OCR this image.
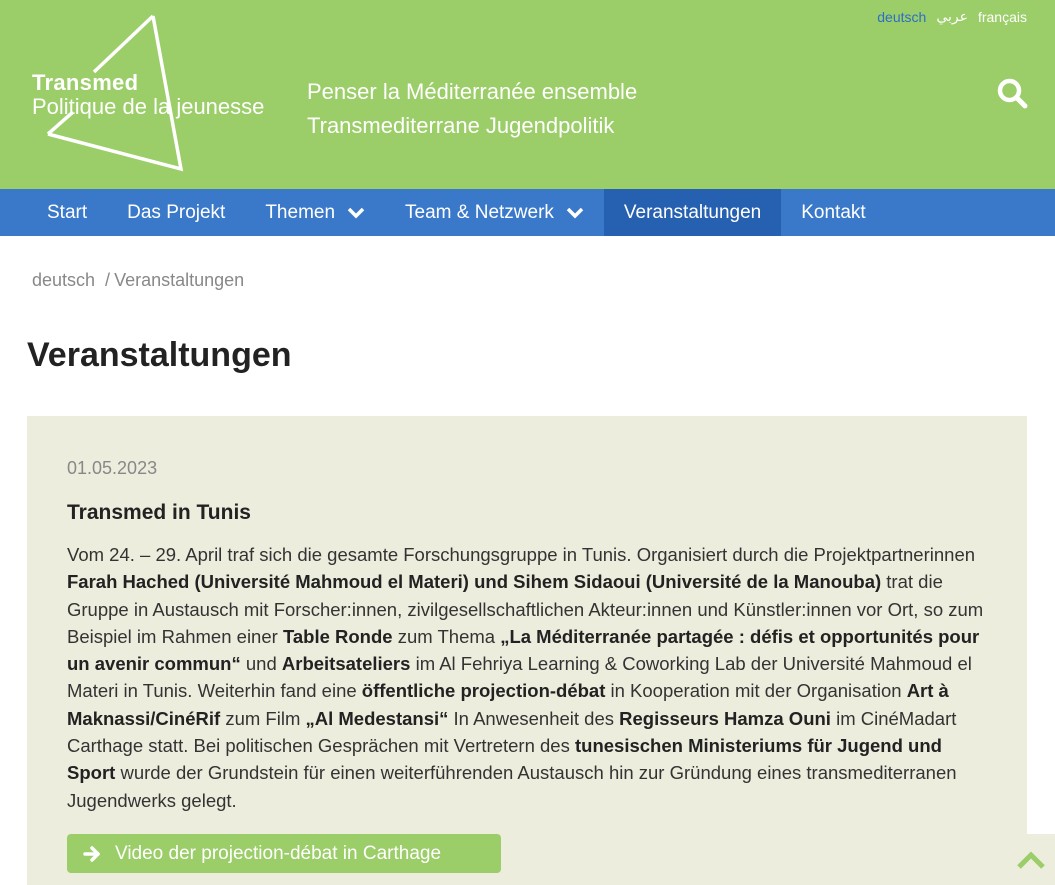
Transmed
Politique de la jeunesse
Penser la Méditerranée ensemble
Transmediterrane Jugendpolitik
deutsch عربي français
Start Das Projekt Themen	Team & Netzwerk	Veranstaltungen Kontakt
deutsch / Veranstaltungen
Veranstaltungen
01.05.2023
Transmed in Tunis

Vom 24. – 29. April traf sich die gesamte Forschungsgruppe in Tunis. Organisiert durch die Projektpartnerinnen Farah Hached (Université Mahmoud el Materi) und Sihem Sidaoui (Université de la Manouba) trat die Gruppe in Austausch mit Forscher:innen, zivilgesellschaftlichen Akteur:innen und Künstler:innen vor Ort, so zum Beispiel im Rahmen einer Table Ronde zum Thema „La Méditerranée partagée : défis et opportunités pour un avenir commun“ und Arbeitsateliers im Al Fehriya Learning & Coworking Lab der Université Mahmoud el Materi in Tunis. Weiterhin fand eine öffentliche projection-débat in Kooperation mit der Organisation Art à Maknassi/CinéRif zum Film „Al Medestansi“ In Anwesenheit des Regisseurs Hamza Ouni im CinéMadart Carthage statt. Bei politischen Gesprächen mit Vertretern des tunesischen Ministeriums für Jugend und Sport wurde der Grundstein für einen weiterführenden Austausch hin zur Gründung eines transmediterranen Jugendwerks gelegt.

Video der projection-débat in Carthage
